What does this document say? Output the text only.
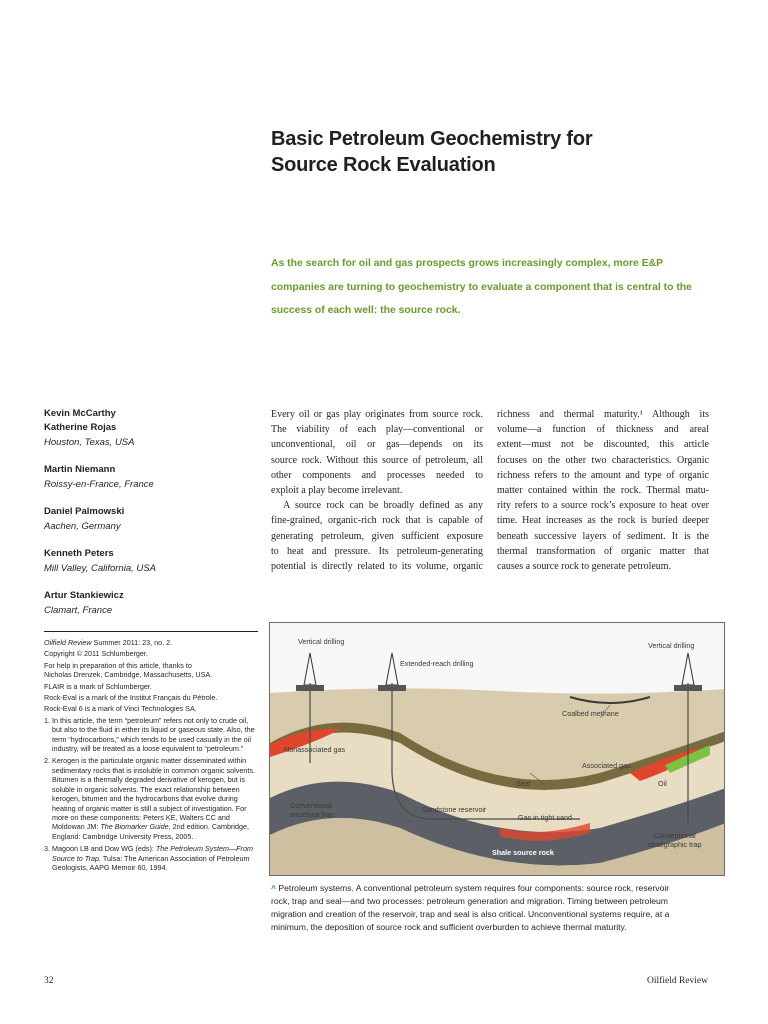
Basic Petroleum Geochemistry for
Source Rock Evaluation
As the search for oil and gas prospects grows increasingly complex, more E&P
companies are turning to geochemistry to evaluate a component that is central to the
success of each well: the source rock.
Kevin McCarthy
Katherine Rojas
Houston, Texas, USA
Martin Niemann
Roissy-en-France, France
Daniel Palmowski
Aachen, Germany
Kenneth Peters
Mill Valley, California, USA
Artur Stankiewicz
Clamart, France

Oilfield Review Summer 2011: 23, no. 2.

Copyright © 2011 Schlumberger.

For help in preparation of this article, thanks to
Nicholas Drenzek, Cambridge, Massachusetts, USA.

FLAIR is a mark of Schlumberger.

Rock-Eval is a mark of the Institut Français du Pétrole.

Rock-Eval 6 is a mark of Vinci Technologies SA.

1. In this article, the term “petroleum” refers not only to crude oil, but also to the fluid in either its liquid or gaseous state. Also, the term “hydrocarbons,” which tends to be used casually in the oil industry, will be treated as a loose equivalent to “petroleum.”
2. Kerogen is the particulate organic matter disseminated within sedimentary rocks that is insoluble in common organic solvents. Bitumen is a thermally degraded derivative of kerogen, but is soluble in organic solvents. The exact relationship between kerogen, bitumen and the hydrocarbons that evolve during heating of organic matter is still a subject of investigation. For more on these components: Peters KE, Walters CC and Moldowan JM: The Biomarker Guide, 2nd edition. Cambridge, England: Cambridge University Press, 2005.
3. Magoon LB and Dow WG (eds): The Petroleum System—From Source to Trap. Tulsa: The American Association of Petroleum Geologists, AAPG Memoir 60, 1994.
Every oil or gas play originates from source rock.
The viability of each play—conventional or
unconventional, oil or gas—depends on its
source rock. Without this source of petroleum, all
other components and processes needed to
exploit a play become irrelevant.
A source rock can be broadly defined as any
fine-grained, organic-rich rock that is capable of
generating petroleum, given sufficient exposure
to heat and pressure. Its petroleum-generating
potential is directly related to its volume, organic
richness and thermal maturity.¹ Although its
volume—a function of thickness and areal
extent—must not be discounted, this article
focuses on the other two characteristics. Organic
richness refers to the amount and type of organic
matter contained within the rock. Thermal matu-
rity refers to a source rock’s exposure to heat over
time. Heat increases as the rock is buried deeper
beneath successive layers of sediment. It is the
thermal transformation of organic matter that
causes a source rock to generate petroleum.
Vertical drilling
Extended-reach drilling
Vertical drilling
Coalbed methane
Nonassociated gas
Associated gas
Oil
Seal
Conventional
structural trap
Sandstone reservoir
Gas in tight sand
Shale source rock
Conventional
stratigraphic trap
^ Petroleum systems. A conventional petroleum system requires four components: source rock, reservoir
rock, trap and seal—and two processes: petroleum generation and migration. Timing between petroleum
migration and creation of the reservoir, trap and seal is also critical. Unconventional systems require, at a
minimum, the deposition of source rock and sufficient overburden to achieve thermal maturity.
32	Oilfield Review
